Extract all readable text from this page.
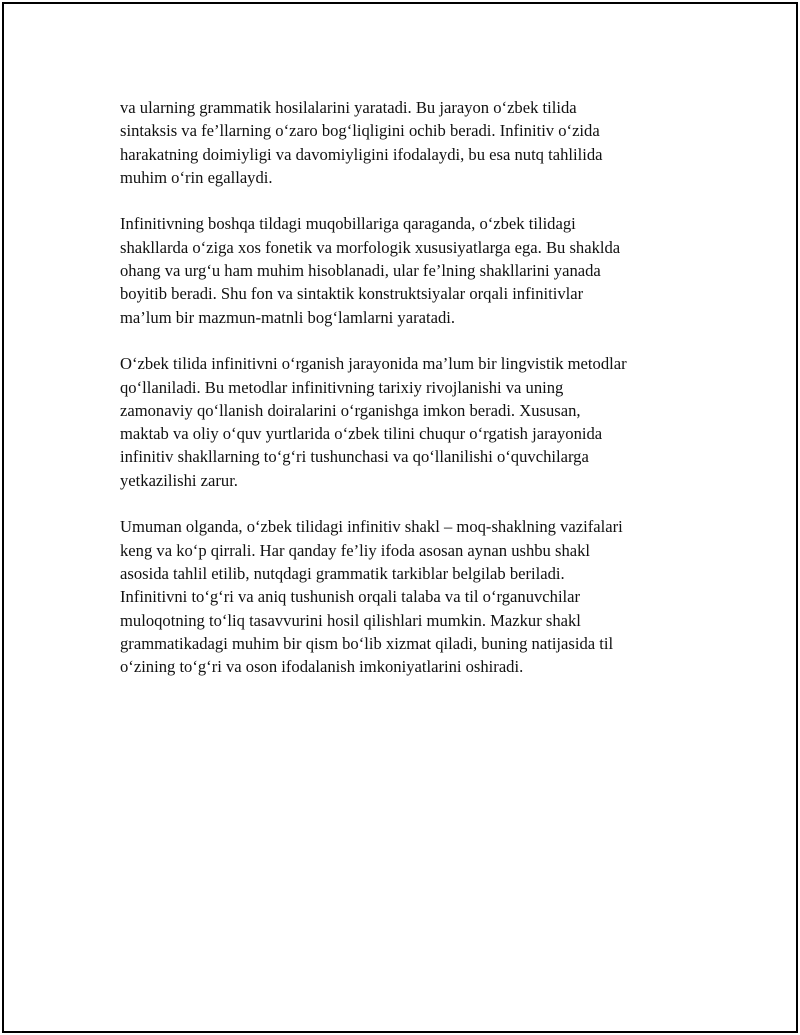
va ularning grammatik hosilalarini yaratadi. Bu jarayon o‘zbek tilida
sintaksis va fe’llarning o‘zaro bog‘liqligini ochib beradi. Infinitiv o‘zida
harakatning doimiyligi va davomiyligini ifodalaydi, bu esa nutq tahlilida
muhim o‘rin egallaydi.

Infinitivning boshqa tildagi muqobillariga qaraganda, o‘zbek tilidagi
shakllarda o‘ziga xos fonetik va morfologik xususiyatlarga ega. Bu shaklda
ohang va urg‘u ham muhim hisoblanadi, ular fe’lning shakllarini yanada
boyitib beradi. Shu fon va sintaktik konstruktsiyalar orqali infinitivlar
ma’lum bir mazmun-matnli bog‘lamlarni yaratadi.

O‘zbek tilida infinitivni o‘rganish jarayonida ma’lum bir lingvistik metodlar
qo‘llaniladi. Bu metodlar infinitivning tarixiy rivojlanishi va uning
zamonaviy qo‘llanish doiralarini o‘rganishga imkon beradi. Xususan,
maktab va oliy o‘quv yurtlarida o‘zbek tilini chuqur o‘rgatish jarayonida
infinitiv shakllarning to‘g‘ri tushunchasi va qo‘llanilishi o‘quvchilarga
yetkazilishi zarur.

Umuman olganda, o‘zbek tilidagi infinitiv shakl – moq-shaklning vazifalari
keng va ko‘p qirrali. Har qanday fe’liy ifoda asosan aynan ushbu shakl
asosida tahlil etilib, nutqdagi grammatik tarkiblar belgilab beriladi.
Infinitivni to‘g‘ri va aniq tushunish orqali talaba va til o‘rganuvchilar
muloqotning to‘liq tasavvurini hosil qilishlari mumkin. Mazkur shakl
grammatikadagi muhim bir qism bo‘lib xizmat qiladi, buning natijasida til
o‘zining to‘g‘ri va oson ifodalanish imkoniyatlarini oshiradi.
